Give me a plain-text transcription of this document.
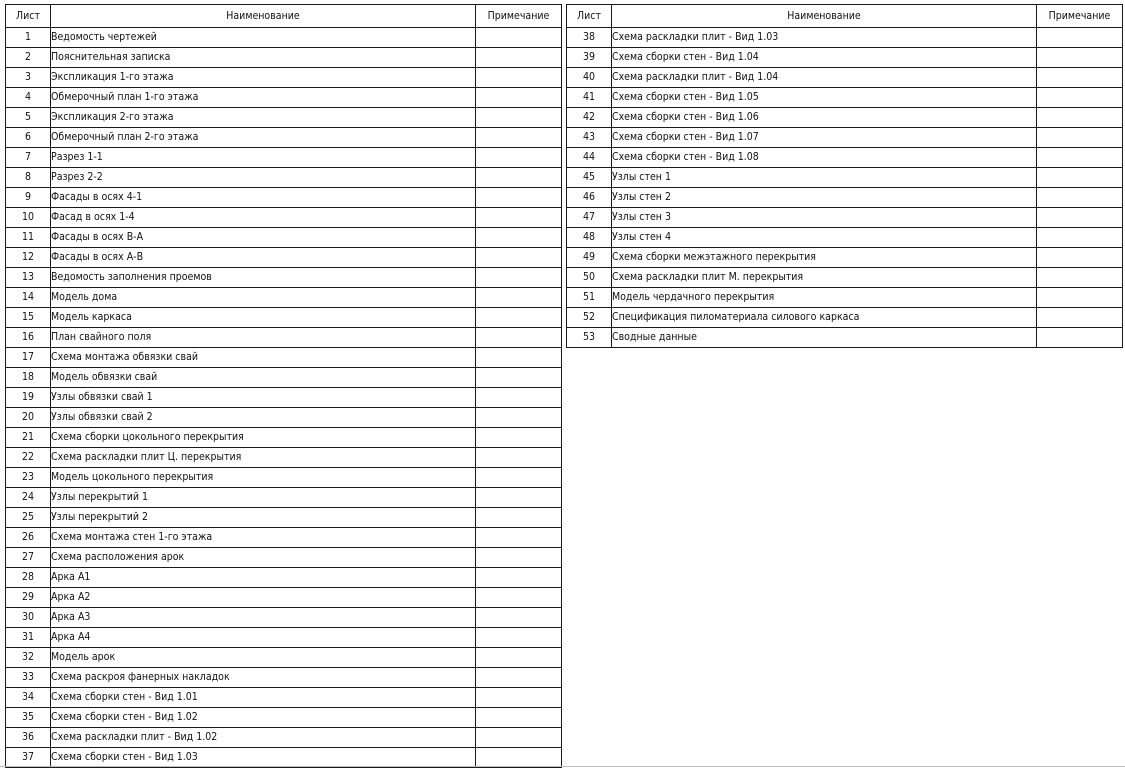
Лист	Наименование	Примечание
1	Ведомость чертежей	
2	Пояснительная записка	
3	Экспликация 1-го этажа	
4	Обмерочный план 1-го этажа	
5	Экспликация 2-го этажа	
6	Обмерочный план 2-го этажа	
7	Разрез 1-1	
8	Разрез 2-2	
9	Фасады в осях 4-1	
10	Фасад в осях 1-4	
11	Фасады в осях В-А	
12	Фасады в осях А-В	
13	Ведомость заполнения проемов	
14	Модель дома	
15	Модель каркаса	
16	План свайного поля	
17	Схема монтажа обвязки свай	
18	Модель обвязки свай	
19	Узлы обвязки свай 1	
20	Узлы обвязки свай 2	
21	Схема сборки цокольного перекрытия	
22	Схема раскладки плит Ц. перекрытия	
23	Модель цокольного перекрытия	
24	Узлы перекрытий 1	
25	Узлы перекрытий 2	
26	Схема монтажа стен 1-го этажа	
27	Схема расположения арок	
28	Арка А1	
29	Арка А2	
30	Арка А3	
31	Арка А4	
32	Модель арок	
33	Схема раскроя фанерных накладок	
34	Схема сборки стен - Вид 1.01	
35	Схема сборки стен - Вид 1.02	
36	Схема раскладки плит - Вид 1.02	
37	Схема сборки стен - Вид 1.03	
Лист	Наименование	Примечание
38	Схема раскладки плит - Вид 1.03	
39	Схема сборки стен - Вид 1.04	
40	Схема раскладки плит - Вид 1.04	
41	Схема сборки стен - Вид 1.05	
42	Схема сборки стен - Вид 1.06	
43	Схема сборки стен - Вид 1.07	
44	Схема сборки стен - Вид 1.08	
45	Узлы стен 1	
46	Узлы стен 2	
47	Узлы стен 3	
48	Узлы стен 4	
49	Схема сборки межэтажного перекрытия	
50	Схема раскладки плит М. перекрытия	
51	Модель чердачного перекрытия	
52	Спецификация пиломатериала силового каркаса	
53	Сводные данные	
